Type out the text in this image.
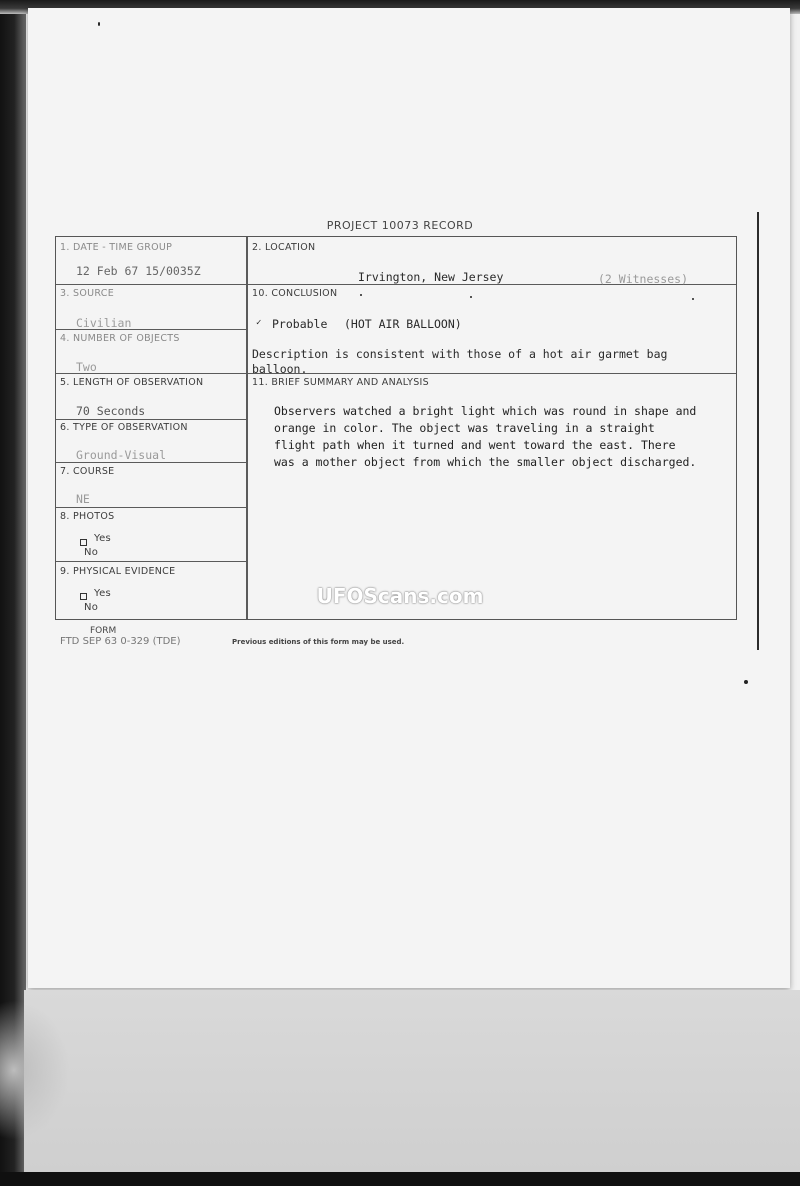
PROJECT 10073 RECORD
1. DATE - TIME GROUP
12 Feb 67 15/0035Z
2. LOCATION
Irvington, New Jersey	(2 Witnesses)
3. SOURCE
Civilian
4. NUMBER OF OBJECTS
Two
5. LENGTH OF OBSERVATION
70 Seconds
6. TYPE OF OBSERVATION
Ground-Visual
7. COURSE
NE
8. PHOTOS
Yes
No
9. PHYSICAL EVIDENCE
Yes
No
10. CONCLUSION
✓ Probable (HOT AIR BALLOON)
Description is consistent with those of a hot air garmet bag
balloon.
11. BRIEF SUMMARY AND ANALYSIS
Observers watched a bright light which was round in shape and
orange in color. The object was traveling in a straight
flight path when it turned and went toward the east. There
was a mother object from which the smaller object discharged.
UFOScans.com
FORM
FTD SEP 63 0-329 (TDE)	Previous editions of this form may be used.
